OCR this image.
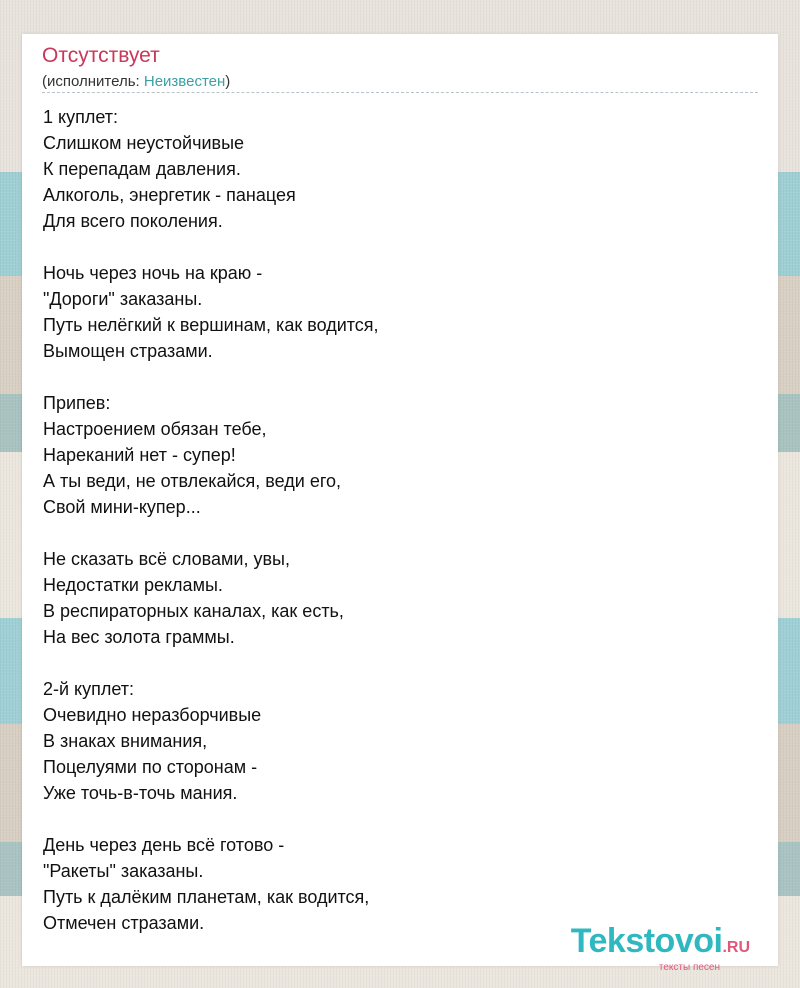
Отсутствует
(исполнитель: Неизвестен)
1 куплет:
Слишком неустойчивые
К перепадам давления.
Алкоголь, энергетик - панацея
Для всего поколения.
Ночь через ночь на краю -
"Дороги" заказаны.
Путь нелёгкий к вершинам, как водится,
Вымощен стразами.
Припев:
Настроением обязан тебе,
Нареканий нет - супер!
А ты веди, не отвлекайся, веди его,
Свой мини-купер...
Не сказать всё словами, увы,
Недостатки рекламы.
В респираторных каналах, как есть,
На вес золота граммы.
2-й куплет:
Очевидно неразборчивые
В знаках внимания,
Поцелуями по сторонам -
Уже точь-в-точь мания.
День через день всё готово -
"Ракеты" заказаны.
Путь к далёким планетам, как водится,
Отмечен стразами.	Tekstovoi.RU
тексты песен
